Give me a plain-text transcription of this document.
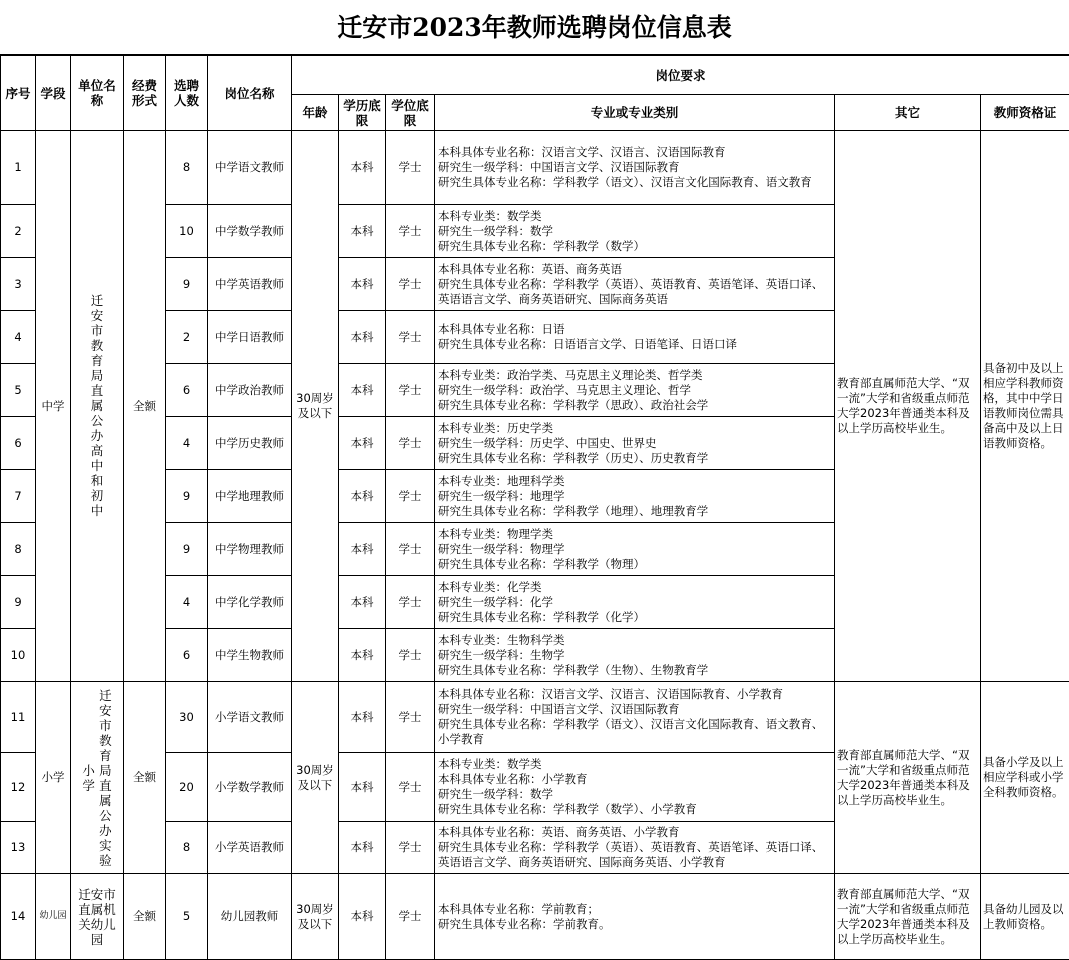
迁安市2023年教师选聘岗位信息表
序号	学段	单位名称	经费形式	选聘人数	岗位名称	岗位要求					
						年龄	学历底限	学位底限	专业或专业类别	其它	教师资格证
1	中学	迁安市教育局直属公办高中和初中	全额	8	中学语文教师	30周岁及以下	本科	学士	本科具体专业名称：汉语言文学、汉语言、汉语国际教育
研究生一级学科：中国语言文学、汉语国际教育
研究生具体专业名称：学科教学（语文）、汉语言文化国际教育、语文教育	教育部直属师范大学、“双一流”大学和省级重点师范大学2023年普通类本科及以上学历高校毕业生。	具备初中及以上相应学科教师资格，其中中学日语教师岗位需具备高中及以上日语教师资格。
2				10	中学数学教师		本科	学士	本科专业类：数学类
研究生一级学科：数学
研究生具体专业名称：学科教学（数学）		
3				9	中学英语教师		本科	学士	本科具体专业名称：英语、商务英语
研究生具体专业名称：学科教学（英语）、英语教育、英语笔译、英语口译、英语语言文学、商务英语研究、国际商务英语		
4				2	中学日语教师		本科	学士	本科具体专业名称：日语
研究生具体专业名称：日语语言文学、日语笔译、日语口译		
5				6	中学政治教师		本科	学士	本科专业类：政治学类、马克思主义理论类、哲学类
研究生一级学科：政治学、马克思主义理论、哲学
研究生具体专业名称：学科教学（思政）、政治社会学		
6				4	中学历史教师		本科	学士	本科专业类：历史学类
研究生一级学科：历史学、中国史、世界史
研究生具体专业名称：学科教学（历史）、历史教育学		
7				9	中学地理教师		本科	学士	本科专业类：地理科学类
研究生一级学科：地理学
研究生具体专业名称：学科教学（地理）、地理教育学		
8				9	中学物理教师		本科	学士	本科专业类：物理学类
研究生一级学科：物理学
研究生具体专业名称：学科教学（物理）		
9				4	中学化学教师		本科	学士	本科专业类：化学类
研究生一级学科：化学
研究生具体专业名称：学科教学（化学）		
10				6	中学生物教师		本科	学士	本科专业类：生物科学类
研究生一级学科：生物学
研究生具体专业名称：学科教学（生物）、生物教育学		
11	小学	小学 迁安市教育局直属公办实验	全额	30	小学语文教师	30周岁及以下	本科	学士	本科具体专业名称：汉语言文学、汉语言、汉语国际教育、小学教育
研究生一级学科：中国语言文学、汉语国际教育
研究生具体专业名称：学科教学（语文）、汉语言文化国际教育、语文教育、小学教育	教育部直属师范大学、“双一流”大学和省级重点师范大学2023年普通类本科及以上学历高校毕业生。	具备小学及以上相应学科或小学全科教师资格。
12				20	小学数学教师		本科	学士	本科专业类：数学类
本科具体专业名称：小学教育
研究生一级学科：数学
研究生具体专业名称：学科教学（数学）、小学教育		
13				8	小学英语教师		本科	学士	本科具体专业名称：英语、商务英语、小学教育
研究生具体专业名称：学科教学（英语）、英语教育、英语笔译、英语口译、英语语言文学、商务英语研究、国际商务英语、小学教育		
14	幼儿园	迁安市直属机关幼儿园	全额	5	幼儿园教师	30周岁及以下	本科	学士	本科具体专业名称：学前教育；
研究生具体专业名称：学前教育。	教育部直属师范大学、“双一流”大学和省级重点师范大学2023年普通类本科及以上学历高校毕业生。	具备幼儿园及以上教师资格。
